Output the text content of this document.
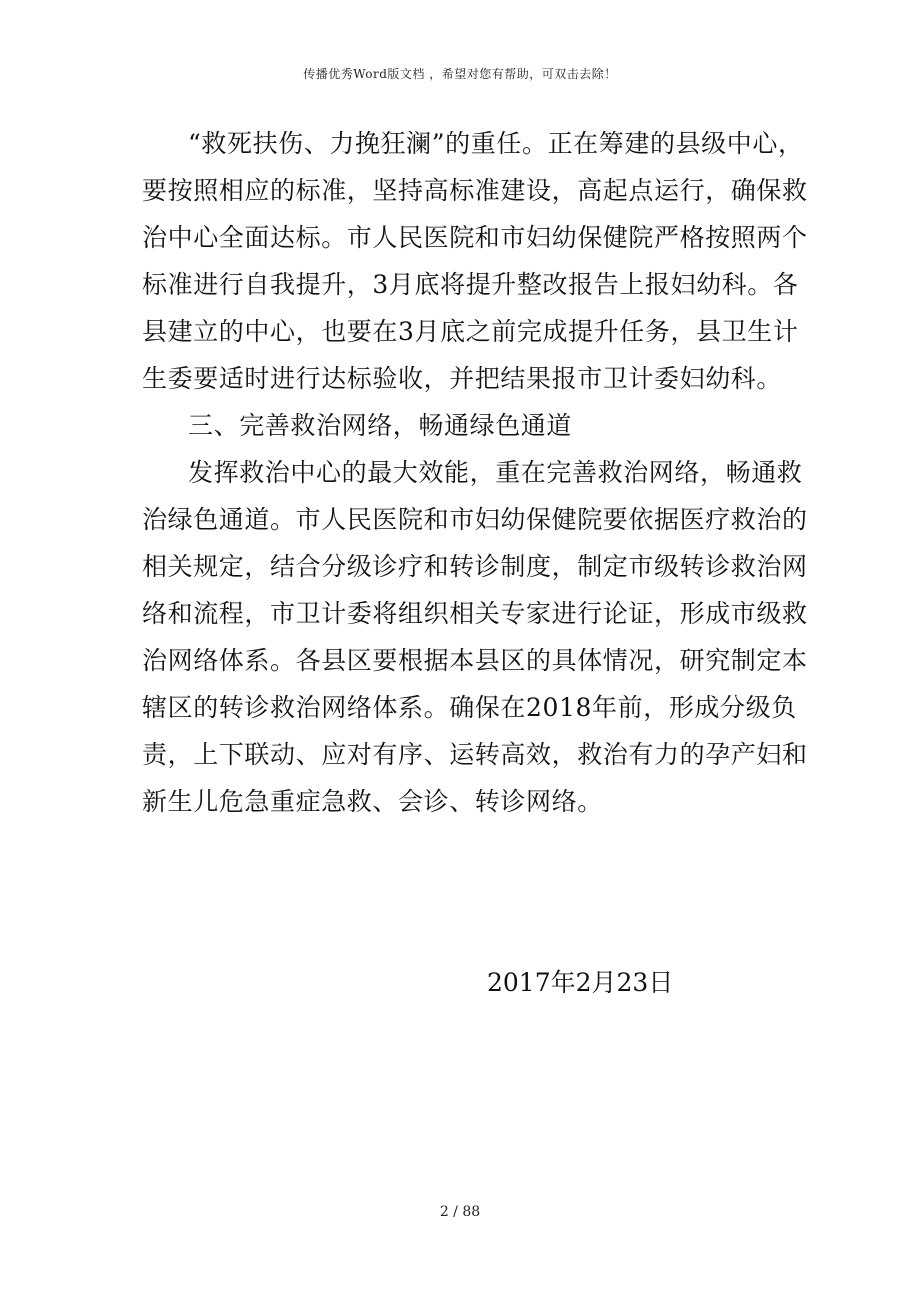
传播优秀Word版文档 ，希望对您有帮助，可双击去除！
“救死扶伤、力挽狂澜”的重任。正在筹建的县级中心，
要按照相应的标准，坚持高标准建设，高起点运行，确保救
治中心全面达标。市人民医院和市妇幼保健院严格按照两个
标准进行自我提升，3月底将提升整改报告上报妇幼科。各
县建立的中心，也要在3月底之前完成提升任务，县卫生计
生委要适时进行达标验收，并把结果报市卫计委妇幼科。
三、完善救治网络，畅通绿色通道
发挥救治中心的最大效能，重在完善救治网络，畅通救
治绿色通道。市人民医院和市妇幼保健院要依据医疗救治的
相关规定，结合分级诊疗和转诊制度，制定市级转诊救治网
络和流程，市卫计委将组织相关专家进行论证，形成市级救
治网络体系。各县区要根据本县区的具体情况，研究制定本
辖区的转诊救治网络体系。确保在2018年前，形成分级负
责，上下联动、应对有序、运转高效，救治有力的孕产妇和
新生儿危急重症急救、会诊、转诊网络。
2017年2月23日
2 / 88
